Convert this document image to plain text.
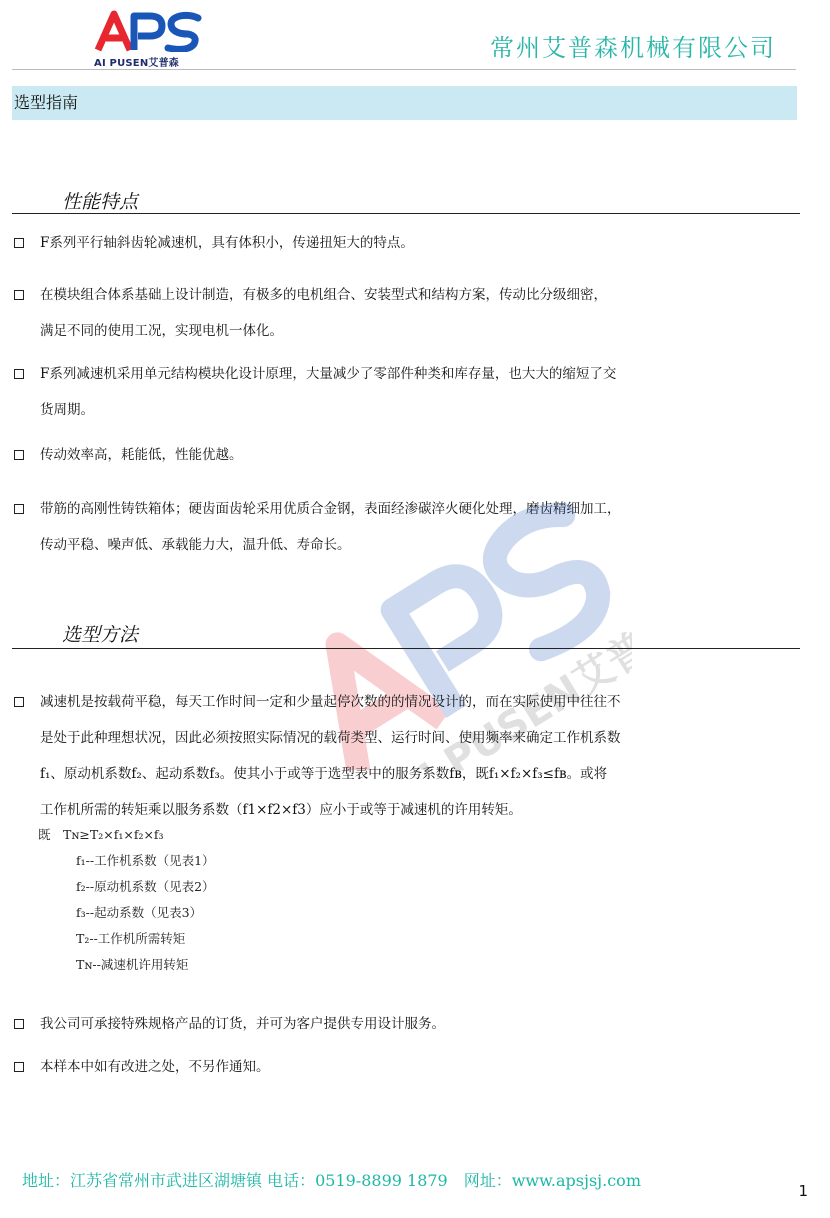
AI PUSEN艾普森
常州艾普森机械有限公司
选型指南
性能特点
F系列平行轴斜齿轮减速机，具有体积小，传递扭矩大的特点。
在模块组合体系基础上设计制造，有极多的电机组合、安装型式和结构方案，传动比分级细密，
满足不同的使用工况，实现电机一体化。
F系列减速机采用单元结构模块化设计原理，大量减少了零部件种类和库存量，也大大的缩短了交
货周期。
传动效率高，耗能低，性能优越。
带筋的高刚性铸铁箱体；硬齿面齿轮采用优质合金钢，表面经渗碳淬火硬化处理，磨齿精细加工，
传动平稳、噪声低、承载能力大，温升低、寿命长。
PUSEN艾普森
选型方法
减速机是按载荷平稳，每天工作时间一定和少量起停次数的的情况设计的，而在实际使用中往往不
是处于此种理想状况，因此必须按照实际情况的载荷类型、运行时间、使用频率来确定工作机系数
f₁、原动机系数f₂、起动系数f₃。使其小于或等于选型表中的服务系数fʙ，既f₁×f₂×f₃≤fʙ。或将
工作机所需的转矩乘以服务系数（f1×f2×f3）应小于或等于减速机的许用转矩。
既　Tɴ≥T₂×f₁×f₂×f₃
f₁--工作机系数（见表1）
f₂--原动机系数（见表2）
f₃--起动系数（见表3）
T₂--工作机所需转矩
Tɴ--减速机许用转矩
我公司可承接特殊规格产品的订货，并可为客户提供专用设计服务。
本样本中如有改进之处，不另作通知。
地址：江苏省常州市武进区湖塘镇 电话：0519-8899 1879　网址：www.apsjsj.com
1
